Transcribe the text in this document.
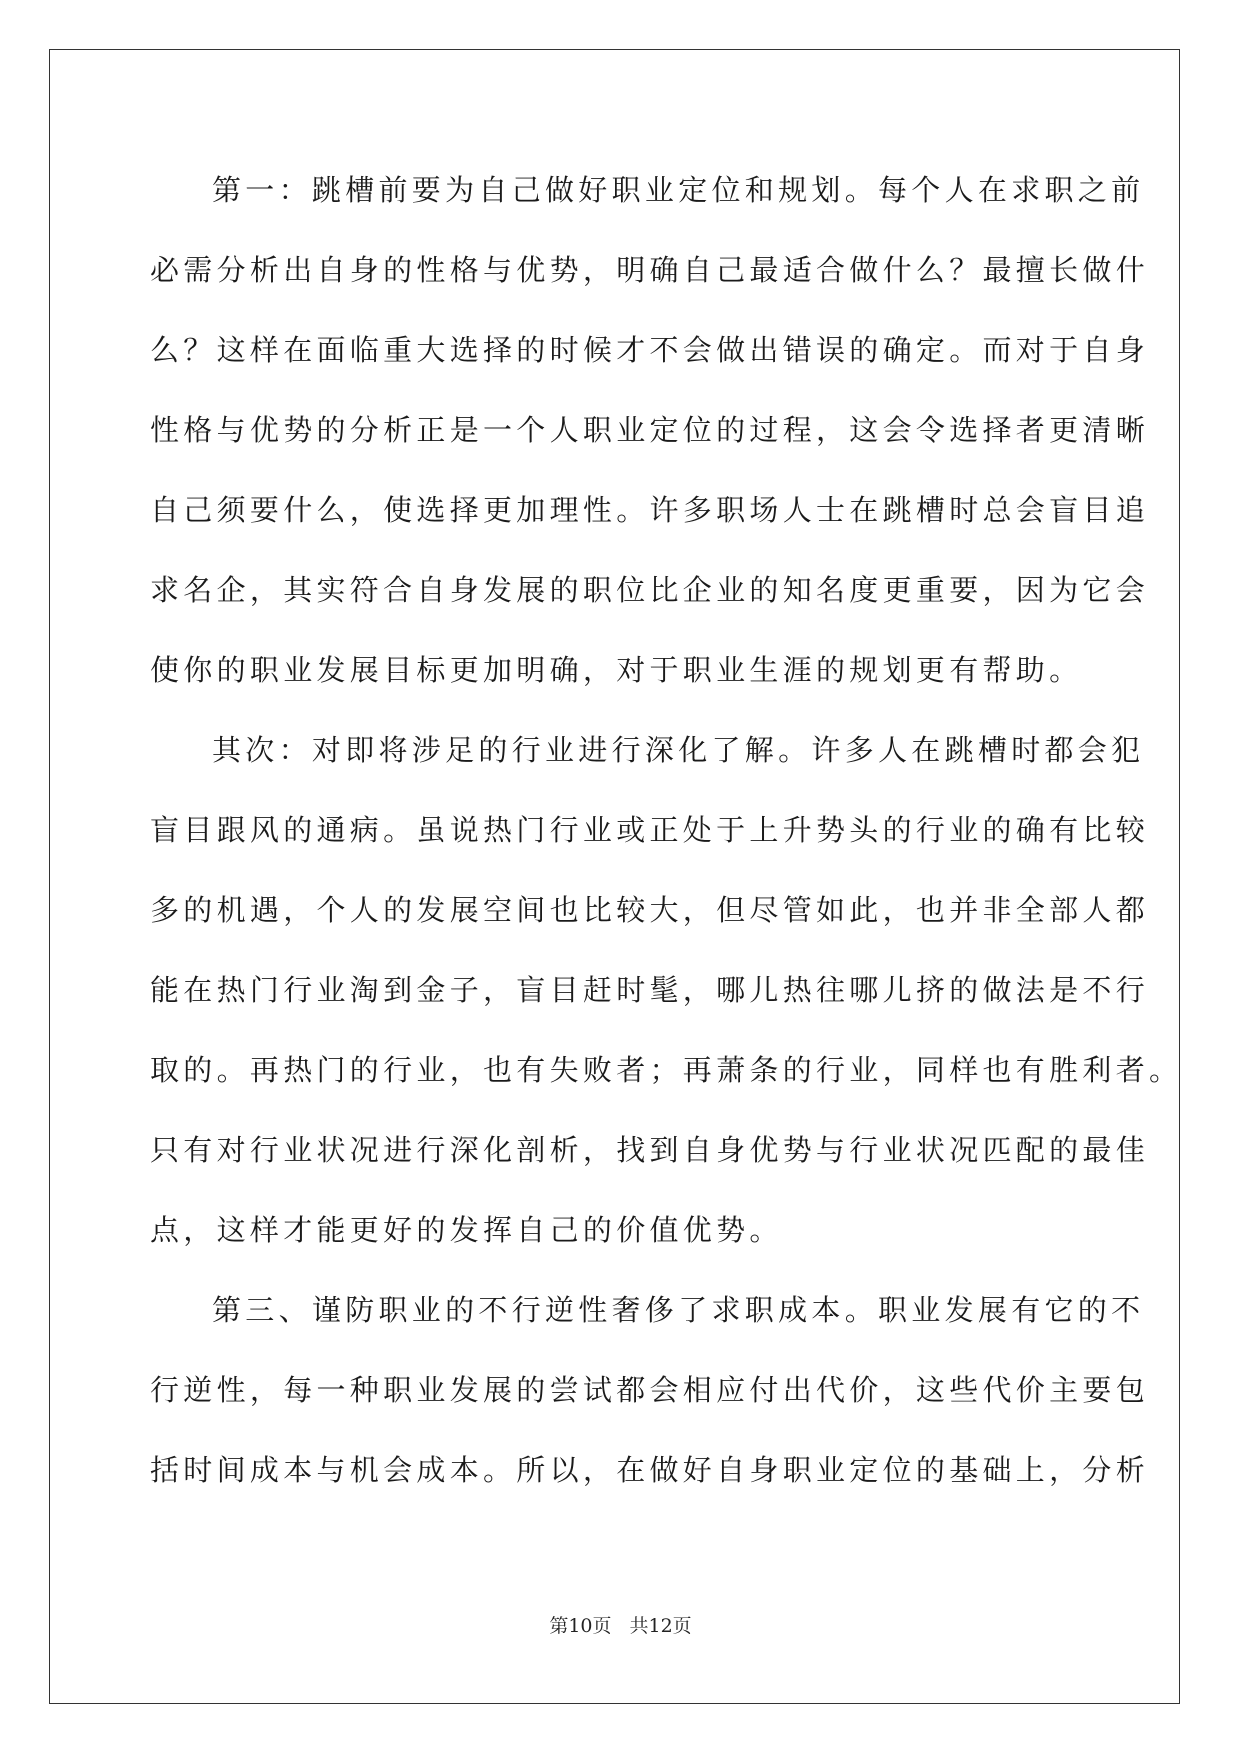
第一：跳槽前要为自己做好职业定位和规划。每个人在求职之前
必需分析出自身的性格与优势，明确自己最适合做什么？最擅长做什
么？这样在面临重大选择的时候才不会做出错误的确定。而对于自身
性格与优势的分析正是一个人职业定位的过程，这会令选择者更清晰
自己须要什么，使选择更加理性。许多职场人士在跳槽时总会盲目追
求名企，其实符合自身发展的职位比企业的知名度更重要，因为它会
使你的职业发展目标更加明确，对于职业生涯的规划更有帮助。
其次：对即将涉足的行业进行深化了解。许多人在跳槽时都会犯
盲目跟风的通病。虽说热门行业或正处于上升势头的行业的确有比较
多的机遇，个人的发展空间也比较大，但尽管如此，也并非全部人都
能在热门行业淘到金子，盲目赶时髦，哪儿热往哪儿挤的做法是不行
取的。再热门的行业，也有失败者；再萧条的行业，同样也有胜利者。
只有对行业状况进行深化剖析，找到自身优势与行业状况匹配的最佳
点，这样才能更好的发挥自己的价值优势。
第三、谨防职业的不行逆性奢侈了求职成本。职业发展有它的不
行逆性，每一种职业发展的尝试都会相应付出代价，这些代价主要包
括时间成本与机会成本。所以，在做好自身职业定位的基础上，分析
第10页 共12页
